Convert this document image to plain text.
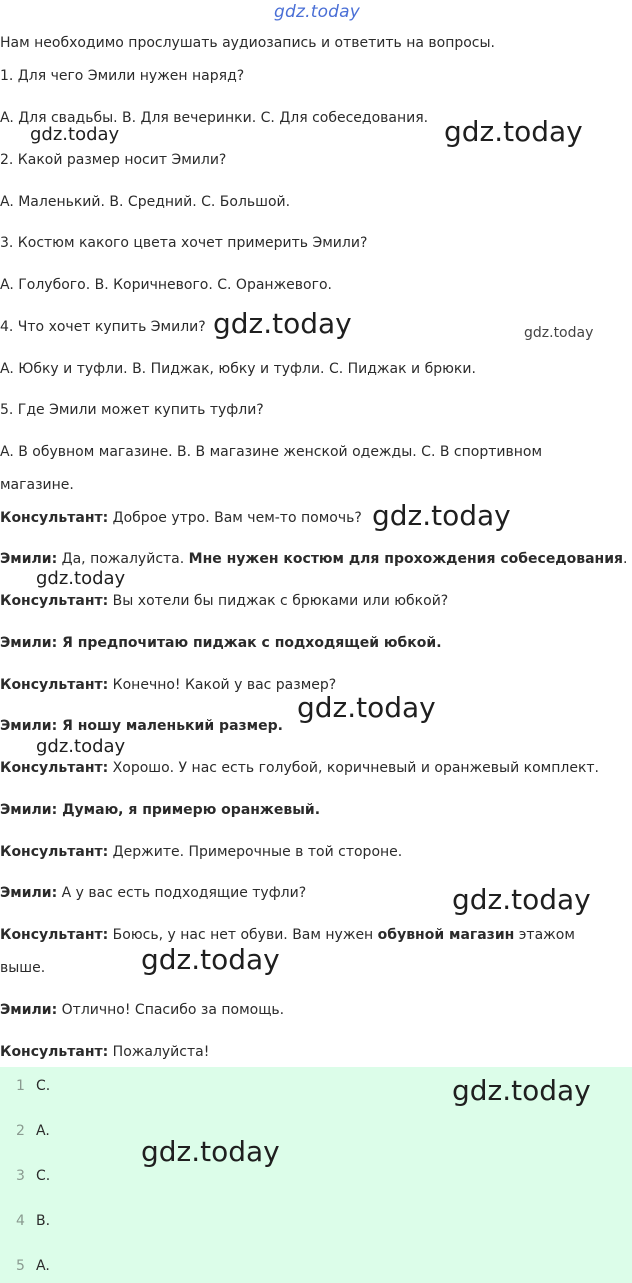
gdz.today
Нам необходимо прослушать аудиозапись и ответить на вопросы.
1. Для чего Эмили нужен наряд?
A. Для свадьбы. B. Для вечеринки. C. Для собеседования.
2. Какой размер носит Эмили?
A. Маленький. B. Средний. C. Большой.
3. Костюм какого цвета хочет примерить Эмили?
A. Голубого. B. Коричневого. C. Оранжевого.
4. Что хочет купить Эмили?
A. Юбку и туфли. B. Пиджак, юбку и туфли. C. Пиджак и брюки.
5. Где Эмили может купить туфли?
A. В обувном магазине. B. В магазине женской одежды. C. В спортивном
магазине.
Консультант: Доброе утро. Вам чем-то помочь?
Эмили: Да, пожалуйста. Мне нужен костюм для прохождения собеседования.
Консультант: Вы хотели бы пиджак с брюками или юбкой?
Эмили: Я предпочитаю пиджак с подходящей юбкой.
Консультант: Конечно! Какой у вас размер?
Эмили: Я ношу маленький размер.
Консультант: Хорошо. У нас есть голубой, коричневый и оранжевый комплект.
Эмили: Думаю, я примерю оранжевый.
Консультант: Держите. Примерочные в той стороне.
Эмили: А у вас есть подходящие туфли?
Консультант: Боюсь, у нас нет обуви. Вам нужен обувной магазин этажом
выше.
Эмили: Отлично! Спасибо за помощь.
Консультант: Пожалуйста!
1 C.
2 A.
3 C.
4 B.
5 A.
gdz.today	gdz.today
gdz.today	gdz.today
gdz.today
gdz.today
gdz.today
gdz.today
gdz.today
gdz.today
gdz.today
gdz.today
